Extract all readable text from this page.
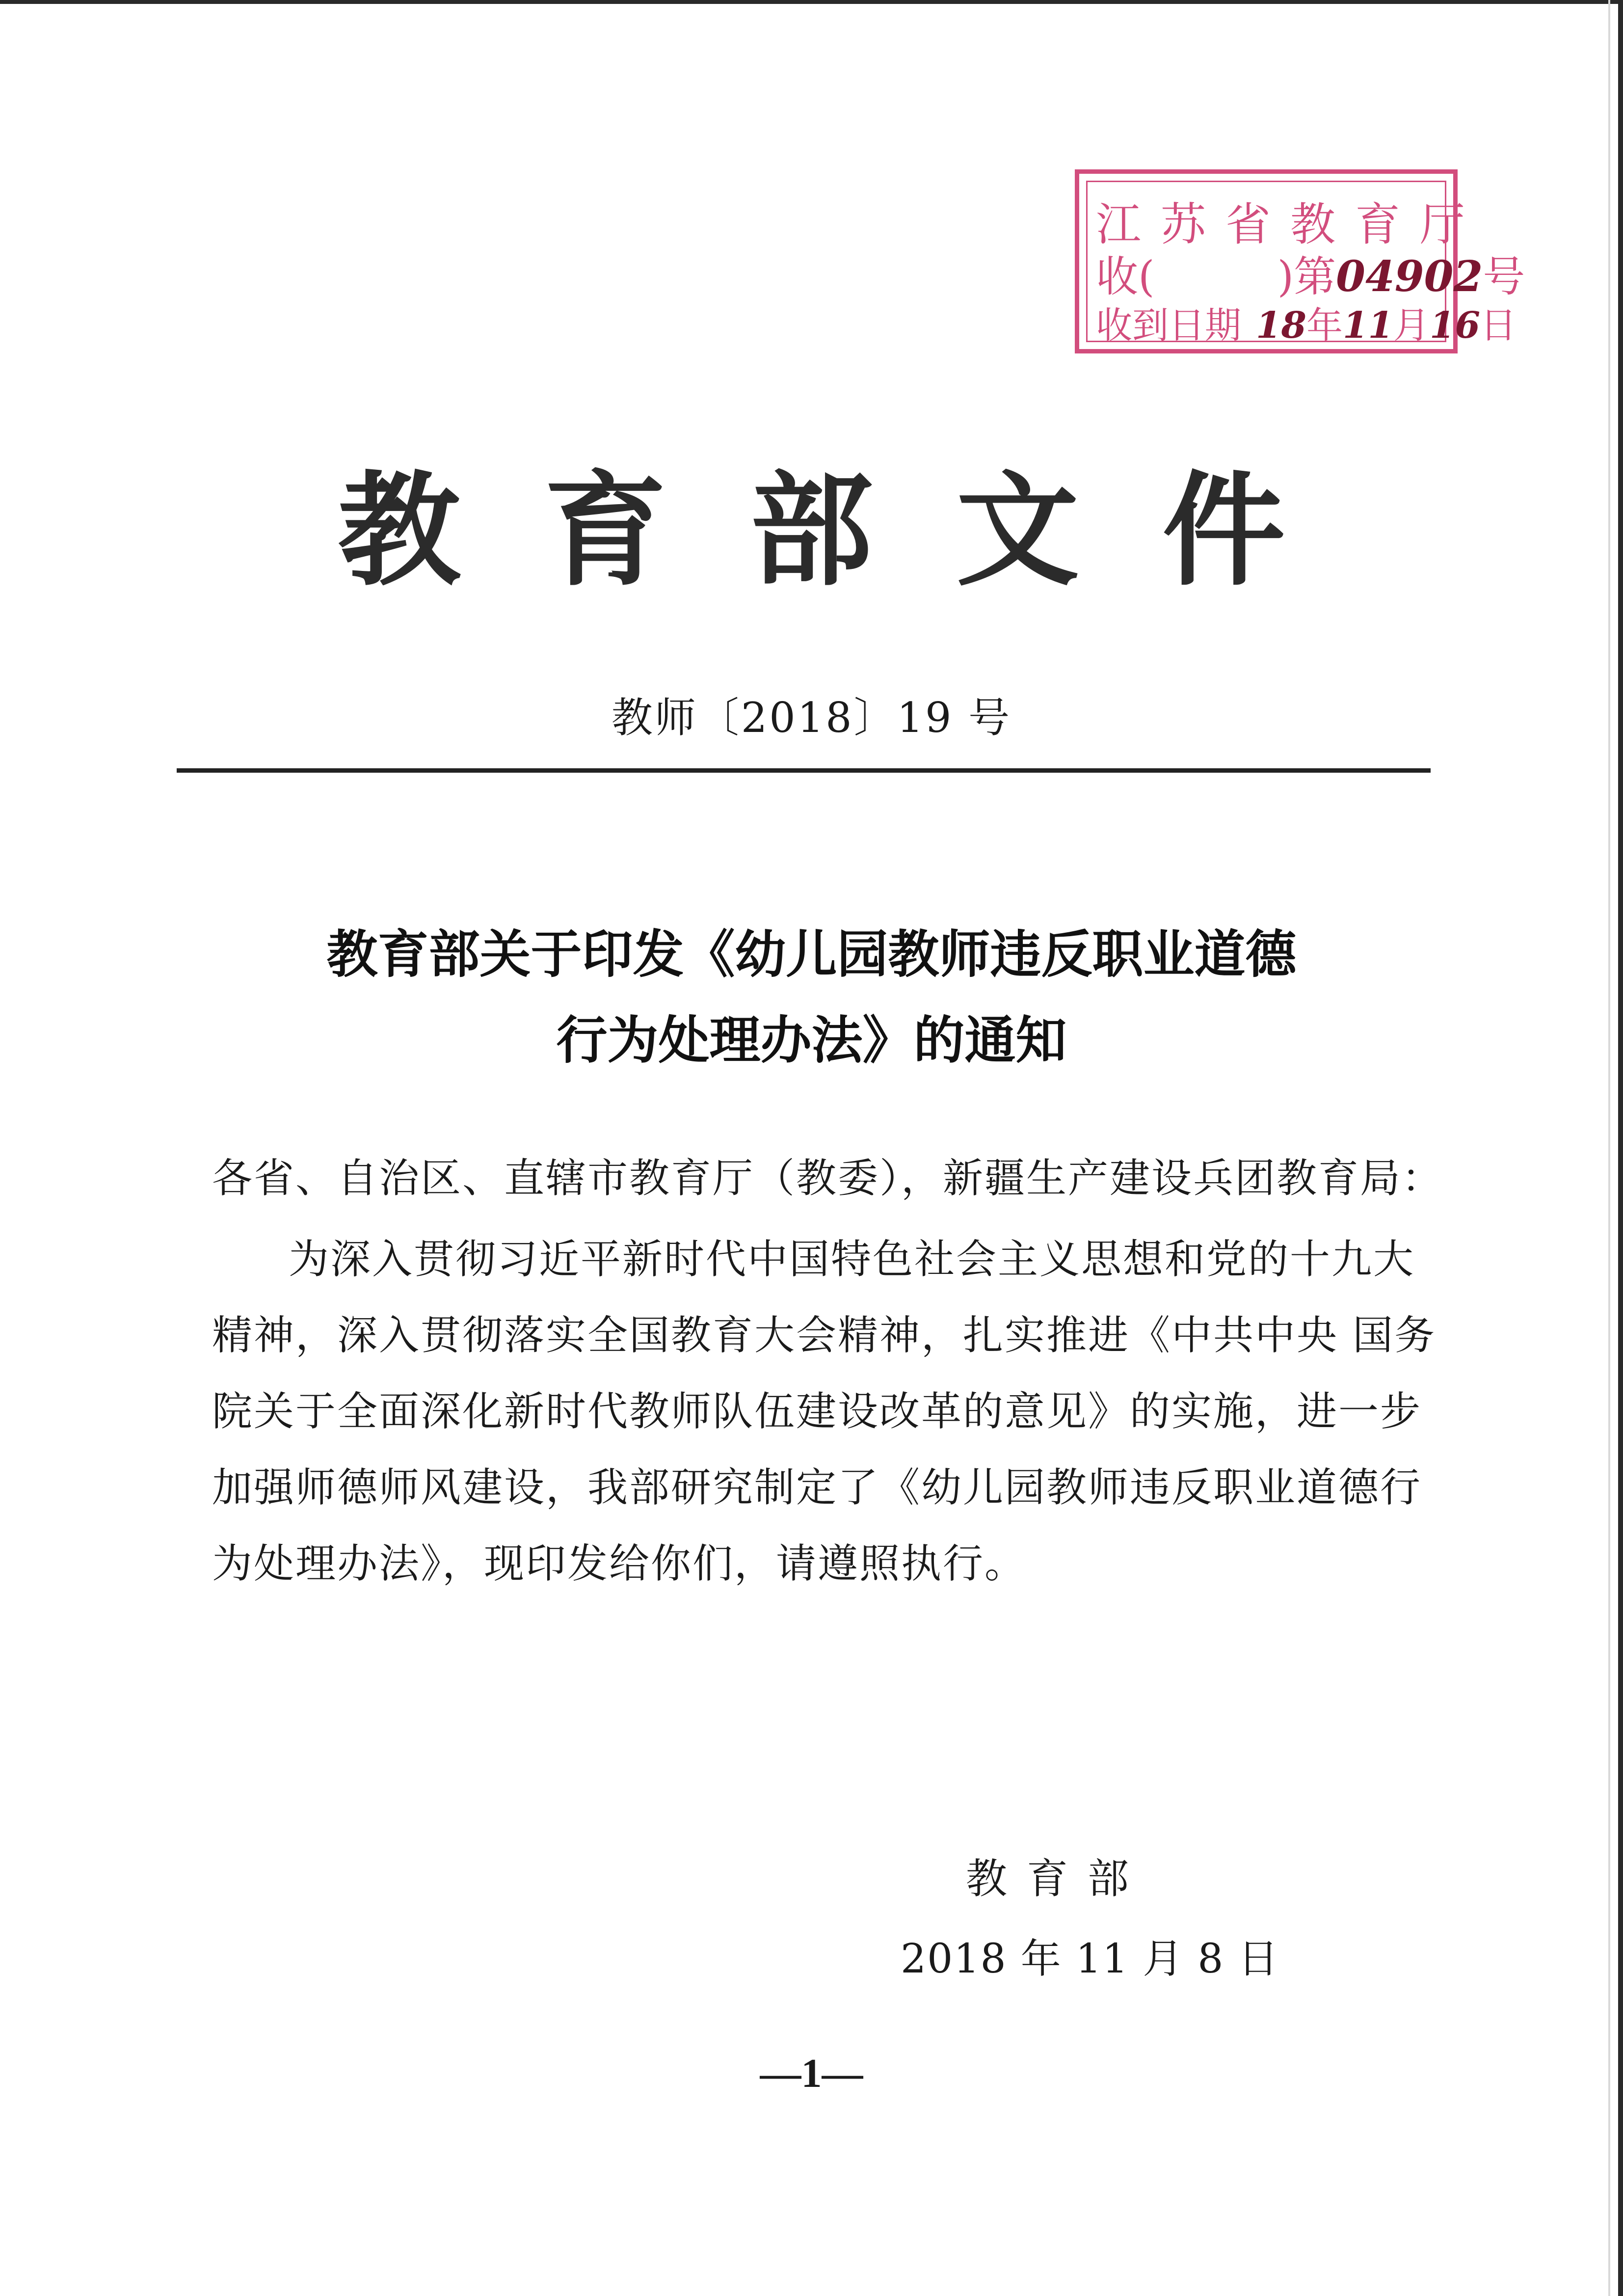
江苏省教育厅
收(	)第04902号
收到日期 18年11月16日
教育部文件
教师〔2018〕19 号
教育部关于印发《幼儿园教师违反职业道德
行为处理办法》的通知
各省、自治区、直辖市教育厅（教委），新疆生产建设兵团教育局：
为深入贯彻习近平新时代中国特色社会主义思想和党的十九大
精神，深入贯彻落实全国教育大会精神，扎实推进《中共中央 国务
院关于全面深化新时代教师队伍建设改革的意见》的实施，进一步
加强师德师风建设，我部研究制定了《幼儿园教师违反职业道德行
为处理办法》，现印发给你们，请遵照执行。
教育部
2018 年 11 月 8 日
—1—
